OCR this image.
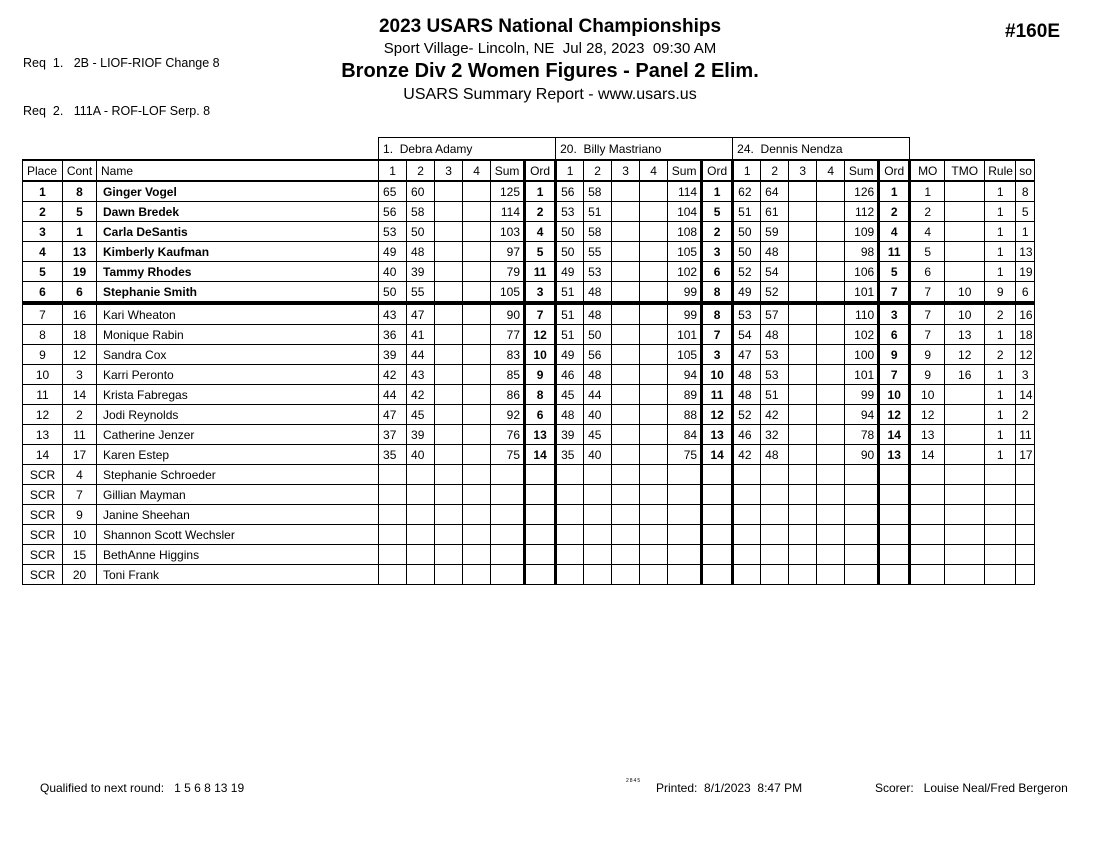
Req  1.   2B - LIOF-RIOF Change 8

Req  2.   111A - ROF-LOF Serp. 8

2023 USARS National Championships
Sport Village- Lincoln, NE  Jul 28, 2023  09:30 AM
Bronze Div 2 Women Figures - Panel 2 Elim.
USARS Summary Report - www.usars.us
#160E
			1.  Debra Adamy						20.  Billy Mastriano						24.  Dennis Nendza									
Place	Cont	Name	1	2	3	4	Sum	Ord	1	2	3	4	Sum	Ord	1	2	3	4	Sum	Ord	MO	TMO	Rule	so
1	8	Ginger Vogel	65	60			125	1	56	58			114	1	62	64			126	1	1		1	8
2	5	Dawn Bredek	56	58			114	2	53	51			104	5	51	61			112	2	2		1	5
3	1	Carla DeSantis	53	50			103	4	50	58			108	2	50	59			109	4	4		1	1
4	13	Kimberly Kaufman	49	48			97	5	50	55			105	3	50	48			98	11	5		1	13
5	19	Tammy Rhodes	40	39			79	11	49	53			102	6	52	54			106	5	6		1	19
6	6	Stephanie Smith	50	55			105	3	51	48			99	8	49	52			101	7	7	10	9	6
7	16	Kari Wheaton	43	47			90	7	51	48			99	8	53	57			110	3	7	10	2	16
8	18	Monique Rabin	36	41			77	12	51	50			101	7	54	48			102	6	7	13	1	18
9	12	Sandra Cox	39	44			83	10	49	56			105	3	47	53			100	9	9	12	2	12
10	3	Karri Peronto	42	43			85	9	46	48			94	10	48	53			101	7	9	16	1	3
11	14	Krista Fabregas	44	42			86	8	45	44			89	11	48	51			99	10	10		1	14
12	2	Jodi Reynolds	47	45			92	6	48	40			88	12	52	42			94	12	12		1	2
13	11	Catherine Jenzer	37	39			76	13	39	45			84	13	46	32			78	14	13		1	11
14	17	Karen Estep	35	40			75	14	35	40			75	14	42	48			90	13	14		1	17
SCR	4	Stephanie Schroeder																						
SCR	7	Gillian Mayman																						
SCR	9	Janine Sheehan																						
SCR	10	Shannon Scott Wechsler																						
SCR	15	BethAnne Higgins																						
SCR	20	Toni Frank																						
Qualified to next round:   1 5 6 8 13 19	2845 Printed:  8/1/2023  8:47 PM	Scorer:   Louise Neal/Fred Bergeron
